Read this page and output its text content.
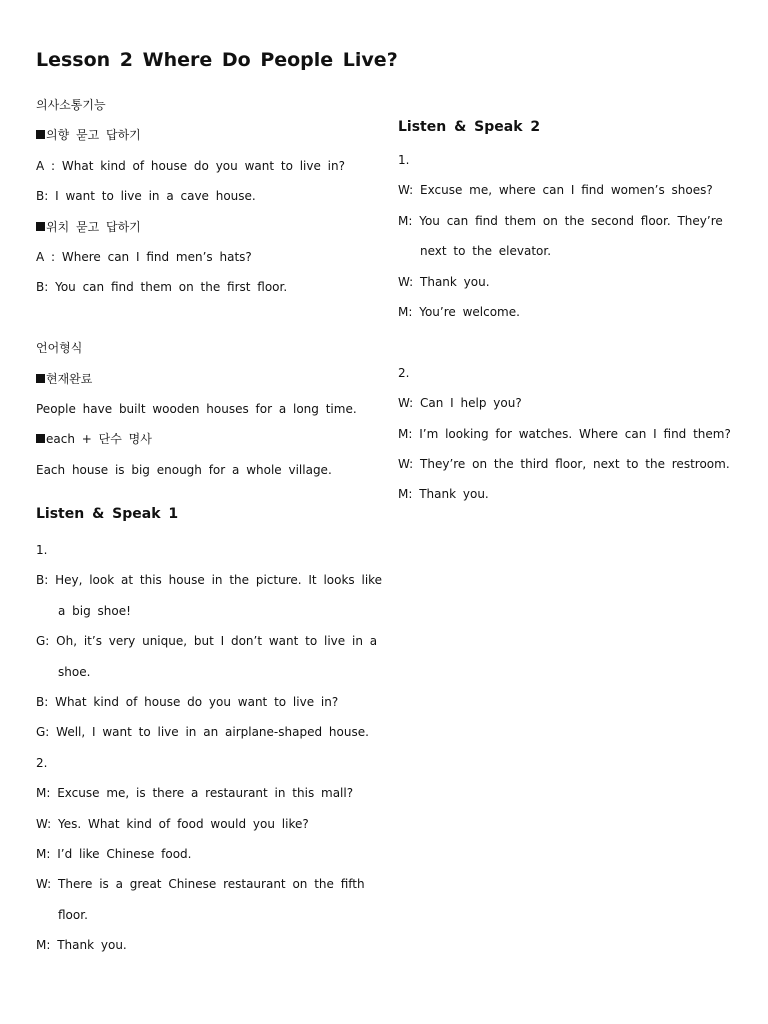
Lesson 2 Where Do People Live?
의사소통기능
의향 묻고 답하기
A : What kind of house do you want to live in?
B: I want to live in a cave house.
위치 묻고 답하기
A : Where can I find men’s hats?
B: You can find them on the first floor.
언어형식
현재완료
People have built wooden houses for a long time.
each + 단수 명사
Each house is big enough for a whole village.
Listen & Speak 1
1.
B: Hey, look at this house in the picture. It looks like
a big shoe!
G: Oh, it’s very unique, but I don’t want to live in a
shoe.
B: What kind of house do you want to live in?
G: Well, I want to live in an airplane-shaped house.
2.
M: Excuse me, is there a restaurant in this mall?
W: Yes. What kind of food would you like?
M: I’d like Chinese food.
W: There is a great Chinese restaurant on the fifth
floor.
M: Thank you.
Listen & Speak 2
1.
W: Excuse me, where can I find women’s shoes?
M: You can find them on the second floor. They’re
next to the elevator.
W: Thank you.
M: You’re welcome.
2.
W: Can I help you?
M: I’m looking for watches. Where can I find them?
W: They’re on the third floor, next to the restroom.
M: Thank you.
